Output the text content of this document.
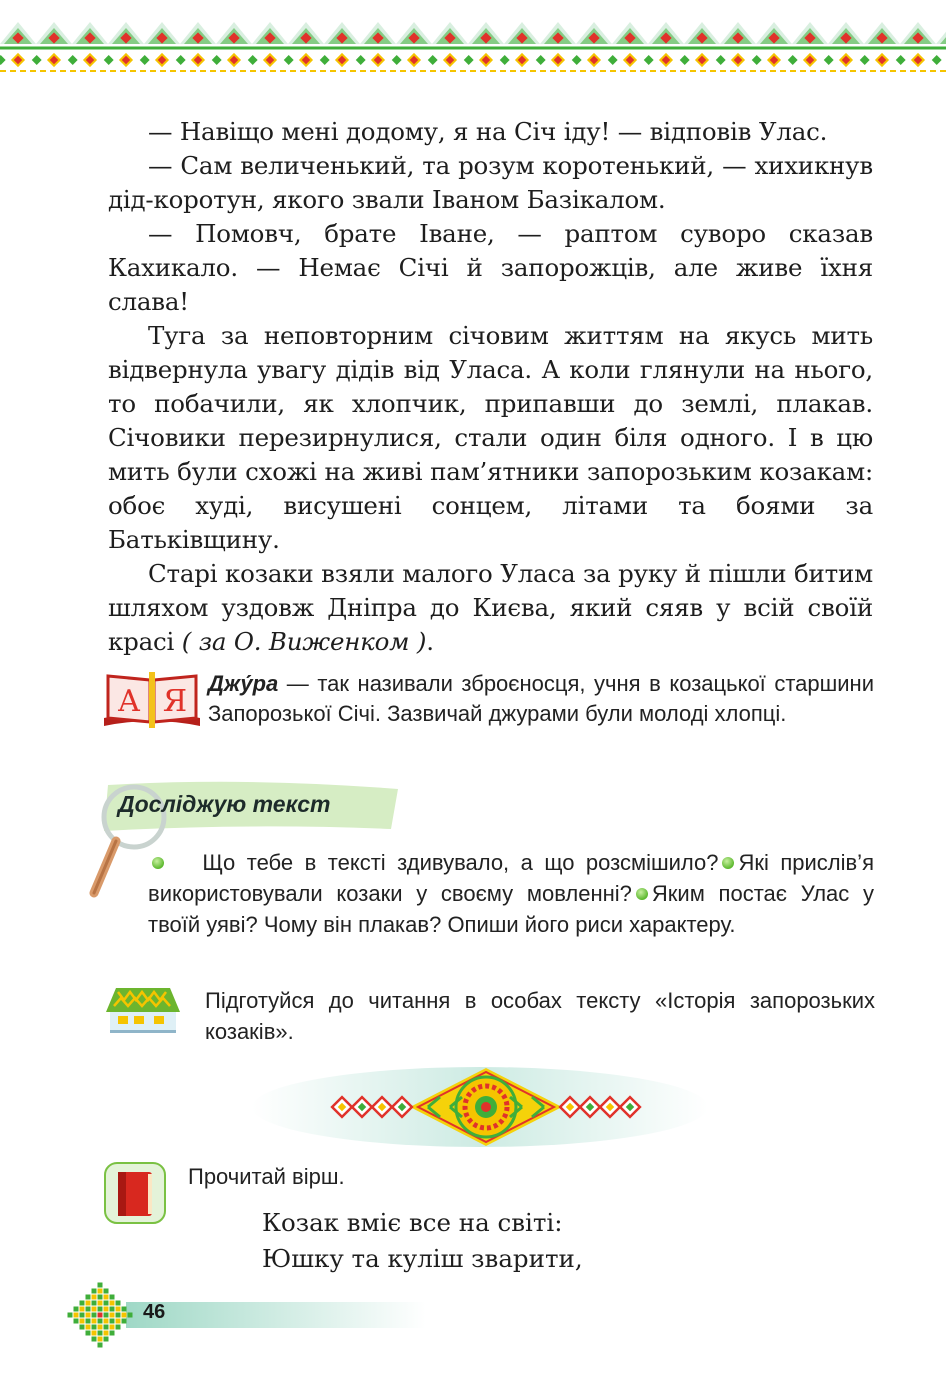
— Навіщо мені додому, я на Січ іду! — відповів Улас.

— Сам величенький, та розум коротенький, — хихикнув дід-коротун, якого звали Іваном Базікалом.

— Помовч, брате Іване, — раптом суворо сказав Кахикало. — Немає Січі й запорожців, але живе їхня слава!

Туга за неповторним січовим життям на якусь мить відвернула увагу дідів від Уласа. А коли глянули на нього, то побачили, як хлопчик, припавши до землі, плакав. Січовики перезирнулися, стали один біля одного. І в цю мить були схожі на живі пам’ятники запорозьким козакам: обоє худі, висушені сонцем, літами та боями за Батьківщину.

Старі козаки взяли малого Уласа за руку й пішли битим шляхом уздовж Дніпра до Києва, який сяяв у всій своїй красі ( за О. Виженком ).

А Я
Джу́ра — так називали зброєносця, учня в козацької старшини Запорозької Січі. Зазвичай джурами були молоді хлопці.
Досліджую текст
Що тебе в тексті здивувало, а що розсмішило? Які прислів’я використовували козаки у своєму мовленні? Яким постає Улас у твоїй уяві? Чому він плакав? Опиши його риси характеру.
Підготуйся до читання в особах тексту «Історія запорозьких козаків».
Прочитай вірш.
Козак вміє все на світі:
Юшку та куліш зварити,
46
